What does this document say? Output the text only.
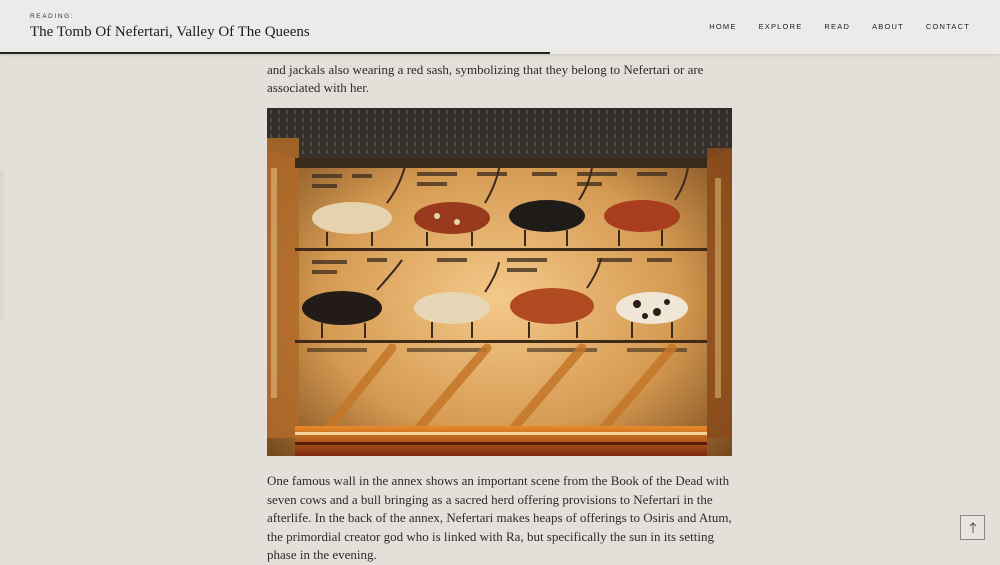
and jackals also wearing a red sash, symbolizing that they belong to Nefertari or are
associated with her.
One famous wall in the annex shows an important scene from the Book of the Dead with seven cows and a bull bringing as a sacred herd offering provisions to Nefertari in the afterlife. In the back of the annex, Nefertari makes heaps of offerings to Osiris and Atum, the primordial creator god who is linked with Ra, but specifically the sun in its setting phase in the evening.
READING:
The Tomb Of Nefertari, Valley Of The Queens	HOME	EXPLORE	READ	ABOUT	CONTACT
